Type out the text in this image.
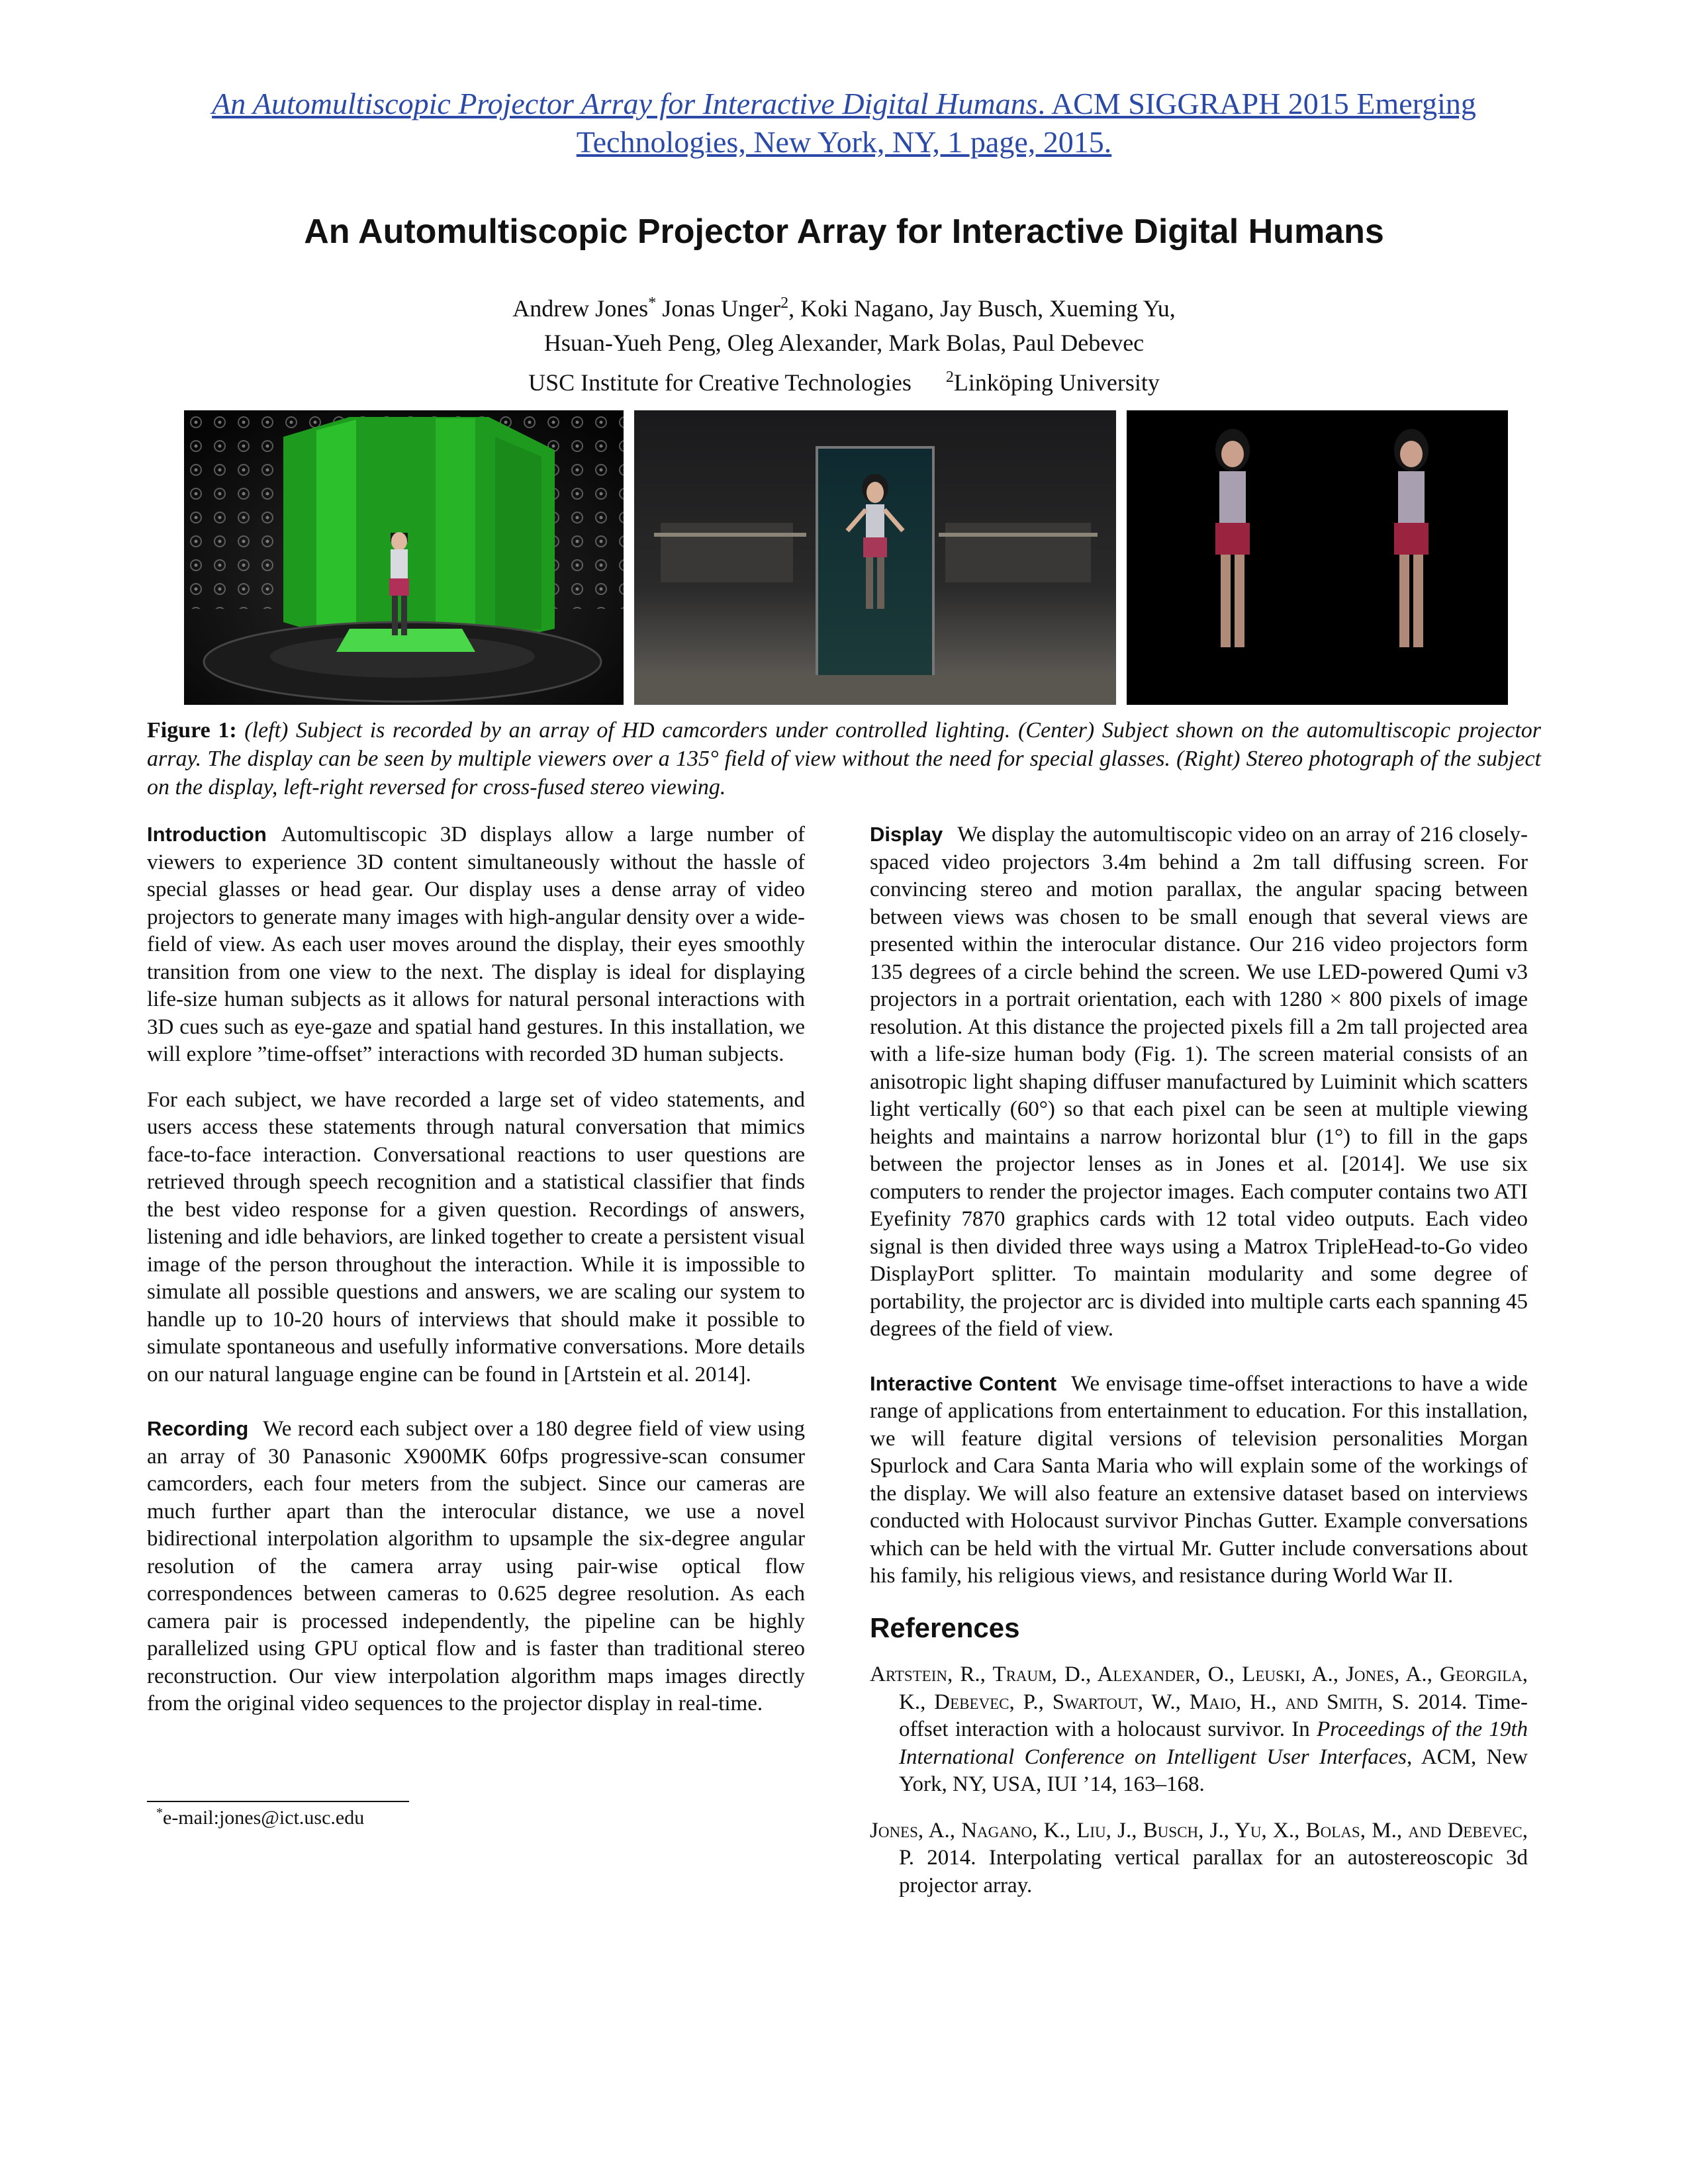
An Automultiscopic Projector Array for Interactive Digital Humans. ACM SIGGRAPH 2015 Emerging
Technologies, New York, NY, 1 page, 2015.
An Automultiscopic Projector Array for Interactive Digital Humans
Andrew Jones* Jonas Unger$^2$, Koki Nagano, Jay Busch, Xueming Yu,
Hsuan-Yueh Peng, Oleg Alexander, Mark Bolas, Paul Debevec
USC Institute for Creative Technologies $^2$Linköping University
Figure 1: (left) Subject is recorded by an array of HD camcorders under controlled lighting. (Center) Subject shown on the automultiscopic projector array. The display can be seen by multiple viewers over a 135° field of view without the need for special glasses. (Right) Stereo photograph of the subject on the display, left-right reversed for cross-fused stereo viewing.

Introduction Automultiscopic 3D displays allow a large number of viewers to experience 3D content simultaneously without the hassle of special glasses or head gear. Our display uses a dense array of video projectors to generate many images with high-angular density over a wide-field of view. As each user moves around the display, their eyes smoothly transition from one view to the next. The display is ideal for displaying life-size human subjects as it allows for natural personal interactions with 3D cues such as eye-gaze and spatial hand gestures. In this installation, we will explore ”time-offset” interactions with recorded 3D human subjects.

For each subject, we have recorded a large set of video statements, and users access these statements through natural conversation that mimics face-to-face interaction. Conversational reactions to user questions are retrieved through speech recognition and a statistical classifier that finds the best video response for a given question. Recordings of answers, listening and idle behaviors, are linked together to create a persistent visual image of the person throughout the interaction. While it is impossible to simulate all possible questions and answers, we are scaling our system to handle up to 10-20 hours of interviews that should make it possible to simulate spontaneous and usefully informative conversations. More details on our natural language engine can be found in [Artstein et al. 2014].

Recording We record each subject over a 180 degree field of view using an array of 30 Panasonic X900MK 60fps progressive-scan consumer camcorders, each four meters from the subject. Since our cameras are much further apart than the interocular distance, we use a novel bidirectional interpolation algorithm to upsample the six-degree angular resolution of the camera array using pair-wise optical flow correspondences between cameras to 0.625 degree resolution. As each camera pair is processed independently, the pipeline can be highly parallelized using GPU optical flow and is faster than traditional stereo reconstruction. Our view interpolation algorithm maps images directly from the original video sequences to the projector display in real-time.

*e-mail:jones@ict.usc.edu

Display We display the automultiscopic video on an array of 216 closely-spaced video projectors 3.4m behind a 2m tall diffusing screen. For convincing stereo and motion parallax, the angular spacing between between views was chosen to be small enough that several views are presented within the interocular distance. Our 216 video projectors form 135 degrees of a circle behind the screen. We use LED-powered Qumi v3 projectors in a portrait orientation, each with 1280 × 800 pixels of image resolution. At this distance the projected pixels fill a 2m tall projected area with a life-size human body (Fig. 1). The screen material consists of an anisotropic light shaping diffuser manufactured by Luiminit which scatters light vertically (60°) so that each pixel can be seen at multiple viewing heights and maintains a narrow horizontal blur (1°) to fill in the gaps between the projector lenses as in Jones et al. [2014]. We use six computers to render the projector images. Each computer contains two ATI Eyefinity 7870 graphics cards with 12 total video outputs. Each video signal is then divided three ways using a Matrox TripleHead-to-Go video DisplayPort splitter. To maintain modularity and some degree of portability, the projector arc is divided into multiple carts each spanning 45 degrees of the field of view.

Interactive Content We envisage time-offset interactions to have a wide range of applications from entertainment to education. For this installation, we will feature digital versions of television personalities Morgan Spurlock and Cara Santa Maria who will explain some of the workings of the display. We will also feature an extensive dataset based on interviews conducted with Holocaust survivor Pinchas Gutter. Example conversations which can be held with the virtual Mr. Gutter include conversations about his family, his religious views, and resistance during World War II.

References
Artstein, R., Traum, D., Alexander, O., Leuski, A., Jones, A., Georgila, K., Debevec, P., Swartout, W., Maio, H., and Smith, S. 2014. Time-offset interaction with a holocaust survivor. In Proceedings of the 19th International Conference on Intelligent User Interfaces, ACM, New York, NY, USA, IUI ’14, 163–168.
Jones, A., Nagano, K., Liu, J., Busch, J., Yu, X., Bolas, M., and Debevec, P. 2014. Interpolating vertical parallax for an autostereoscopic 3d projector array.
